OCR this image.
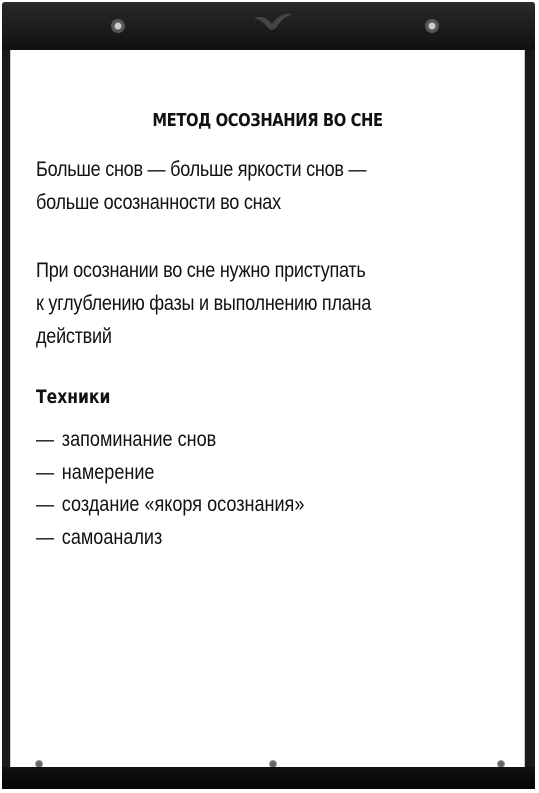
МЕТОД ОСОЗНАНИЯ ВО СНЕ
Больше снов — больше яркости снов —
больше осознанности во снах
При осознании во сне нужно приступать
к углублению фазы и выполнению плана
действий
Техники
— запоминание снов
— намерение
— создание «якоря осознания»
— самоанализ
